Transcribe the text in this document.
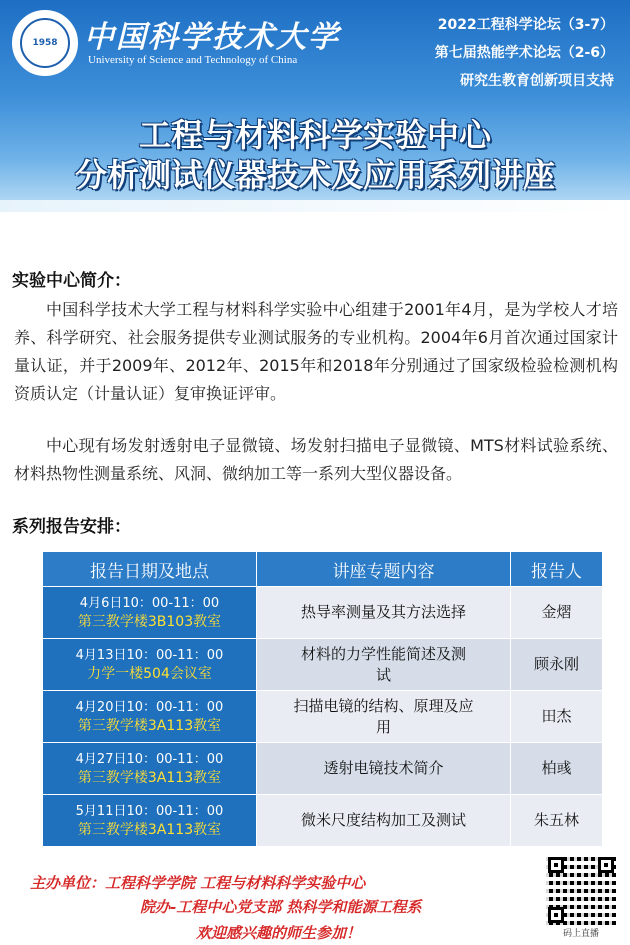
1958 中国科学技术大学
University of Science and Technology of China
2022工程科学论坛（3-7）
第七届热能学术论坛（2-6）
研究生教育创新项目支持
工程与材料科学实验中心
分析测试仪器技术及应用系列讲座
实验中心简介：
中国科学技术大学工程与材料科学实验中心组建于2001年4月，是为学校人才培养、科学研究、社会服务提供专业测试服务的专业机构。2004年6月首次通过国家计量认证，并于2009年、2012年、2015年和2018年分别通过了国家级检验检测机构资质认定（计量认证）复审换证评审。
中心现有场发射透射电子显微镜、场发射扫描电子显微镜、MTS材料试验系统、材料热物性测量系统、风洞、微纳加工等一系列大型仪器设备。
系列报告安排：
报告日期及地点	讲座专题内容	报告人

4月6日10：00-11：00
第三教学楼3B103教室	热导率测量及其方法选择	金熠

4月13日10：00-11：00
力学一楼504会议室	材料的力学性能简述及测试	顾永刚

4月20日10：00-11：00
第三教学楼3A113教室	扫描电镜的结构、原理及应用	田杰

4月27日10：00-11：00
第三教学楼3A113教室	透射电镜技术简介	柏彧

5月11日10：00-11：00
第三教学楼3A113教室	微米尺度结构加工及测试	朱五林
主办单位：工程科学学院 工程与材料科学实验中心
院办-工程中心党支部 热科学和能源工程系
欢迎感兴趣的师生参加！	码上直播
